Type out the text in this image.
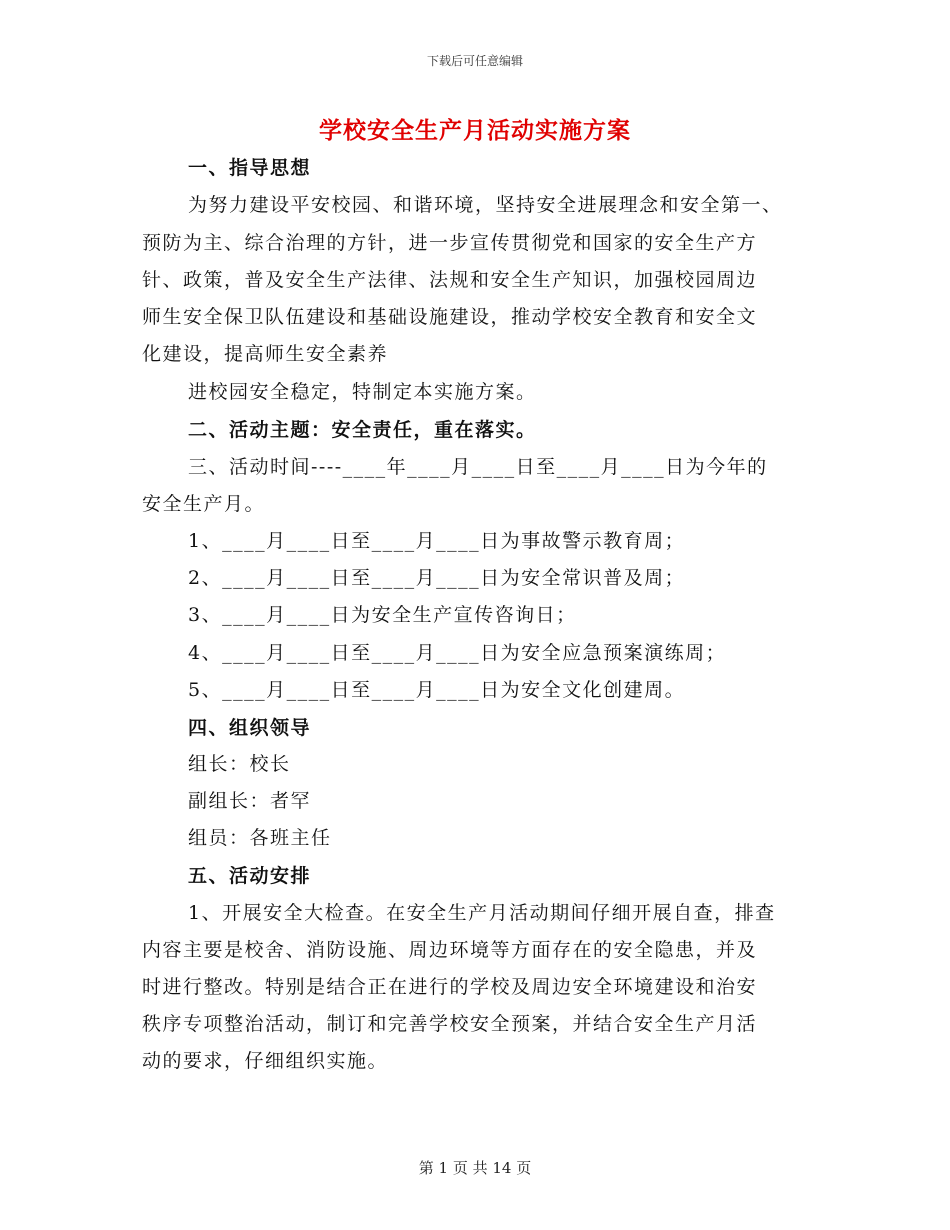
下载后可任意编辑
学校安全生产月活动实施方案
一、指导思想
为努力建设平安校园、和谐环境，坚持安全进展理念和安全第一、
预防为主、综合治理的方针，进一步宣传贯彻党和国家的安全生产方
针、政策，普及安全生产法律、法规和安全生产知识，加强校园周边
师生安全保卫队伍建设和基础设施建设，推动学校安全教育和安全文
化建设，提高师生安全素养
进校园安全稳定，特制定本实施方案。
二、活动主题：安全责任，重在落实。
三、活动时间----____年____月____日至____月____日为今年的
安全生产月。
1、____月____日至____月____日为事故警示教育周；
2、____月____日至____月____日为安全常识普及周；
3、____月____日为安全生产宣传咨询日；
4、____月____日至____月____日为安全应急预案演练周；
5、____月____日至____月____日为安全文化创建周。
四、组织领导
组长：校长
副组长：者罕
组员：各班主任
五、活动安排
1、开展安全大检查。在安全生产月活动期间仔细开展自查，排查
内容主要是校舍、消防设施、周边环境等方面存在的安全隐患，并及
时进行整改。特别是结合正在进行的学校及周边安全环境建设和治安
秩序专项整治活动，制订和完善学校安全预案，并结合安全生产月活
动的要求，仔细组织实施。
第 1 页 共 14 页
